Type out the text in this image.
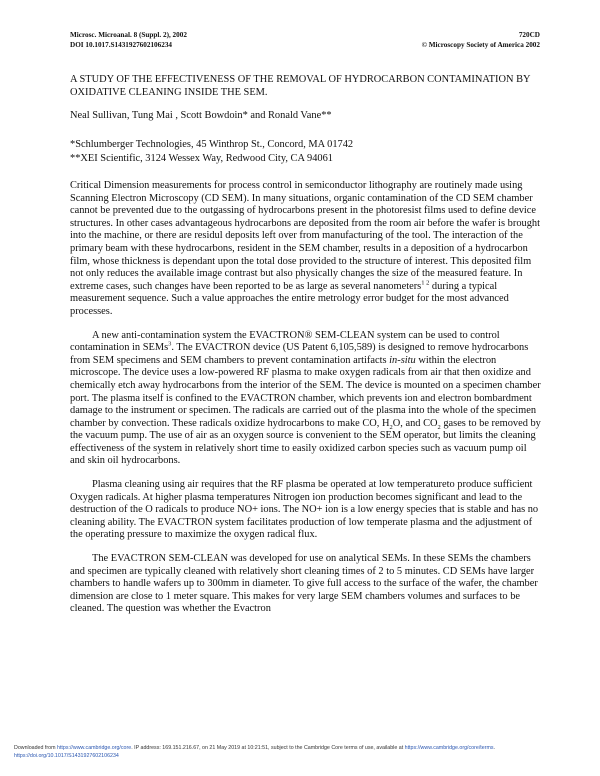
Microsc. Microanal. 8 (Suppl. 2), 2002
DOI 10.1017.S1431927602106234
720CD
© Microscopy Society of America 2002
A STUDY OF THE EFFECTIVENESS OF THE REMOVAL OF HYDROCARBON CONTAMINATION BY OXIDATIVE CLEANING INSIDE THE SEM.
Neal Sullivan, Tung Mai , Scott Bowdoin* and Ronald Vane**
*Schlumberger Technologies, 45 Winthrop St., Concord, MA 01742
**XEI Scientific, 3124 Wessex Way, Redwood City, CA 94061

Critical Dimension measurements for process control in semiconductor lithography are routinely made using Scanning Electron Microscopy (CD SEM). In many situations, organic contamination of the CD SEM chamber cannot be prevented due to the outgassing of hydrocarbons present in the photoresist films used to define device structures. In other cases advantageous hydrocarbons are deposited from the room air before the wafer is brought into the machine, or there are residul deposits left over from manufacturing of the tool. The interaction of the primary beam with these hydrocarbons, resident in the SEM chamber, results in a deposition of a hydrocarbon film, whose thickness is dependant upon the total dose provided to the structure of interest. This deposited film not only reduces the available image contrast but also physically changes the size of the measured feature. In extreme cases, such changes have been reported to be as large as several nanometers$^{1 2}$ during a typical measurement sequence. Such a value approaches the entire metrology error budget for the most advanced processes.

A new anti-contamination system the EVACTRON® SEM-CLEAN system can be used to control contamination in SEMs$^3$. The EVACTRON device (US Patent 6,105,589) is designed to remove hydrocarbons from SEM specimens and SEM chambers to prevent contamination artifacts in-situ within the electron microscope. The device uses a low-powered RF plasma to make oxygen radicals from air that then oxidize and chemically etch away hydrocarbons from the interior of the SEM. The device is mounted on a specimen chamber port. The plasma itself is confined to the EVACTRON chamber, which prevents ion and electron bombardment damage to the instrument or specimen. The radicals are carried out of the plasma into the whole of the specimen chamber by convection. These radicals oxidize hydrocarbons to make CO, $H_2O$, and $CO_2$ gases to be removed by the vacuum pump. The use of air as an oxygen source is convenient to the SEM operator, but limits the cleaning effectiveness of the system in relatively short time to easily oxidized carbon species such as vacuum pump oil and skin oil hydrocarbons.

Plasma cleaning using air requires that the RF plasma be operated at low temperatureto produce sufficient Oxygen radicals. At higher plasma temperatures Nitrogen ion production becomes significant and lead to the destruction of the O radicals to produce NO+ ions. The NO+ ion is a low energy species that is stable and has no cleaning ability. The EVACTRON system facilitates production of low temperate plasma and the adjustment of the operating pressure to maximize the oxygen radical flux.

The EVACTRON SEM-CLEAN was developed for use on analytical SEMs. In these SEMs the chambers and specimen are typically cleaned with relatively short cleaning times of 2 to 5 minutes. CD SEMs have larger chambers to handle wafers up to 300mm in diameter. To give full access to the surface of the wafer, the chamber dimension are close to 1 meter square. This makes for very large SEM chambers volumes and surfaces to be cleaned. The question was whether the Evactron

Downloaded from https://www.cambridge.org/core. IP address: 169.151.216.67, on 21 May 2019 at 10:21:51, subject to the Cambridge Core terms of use, available at https://www.cambridge.org/core/terms.
https://doi.org/10.1017/S1431927602106234
